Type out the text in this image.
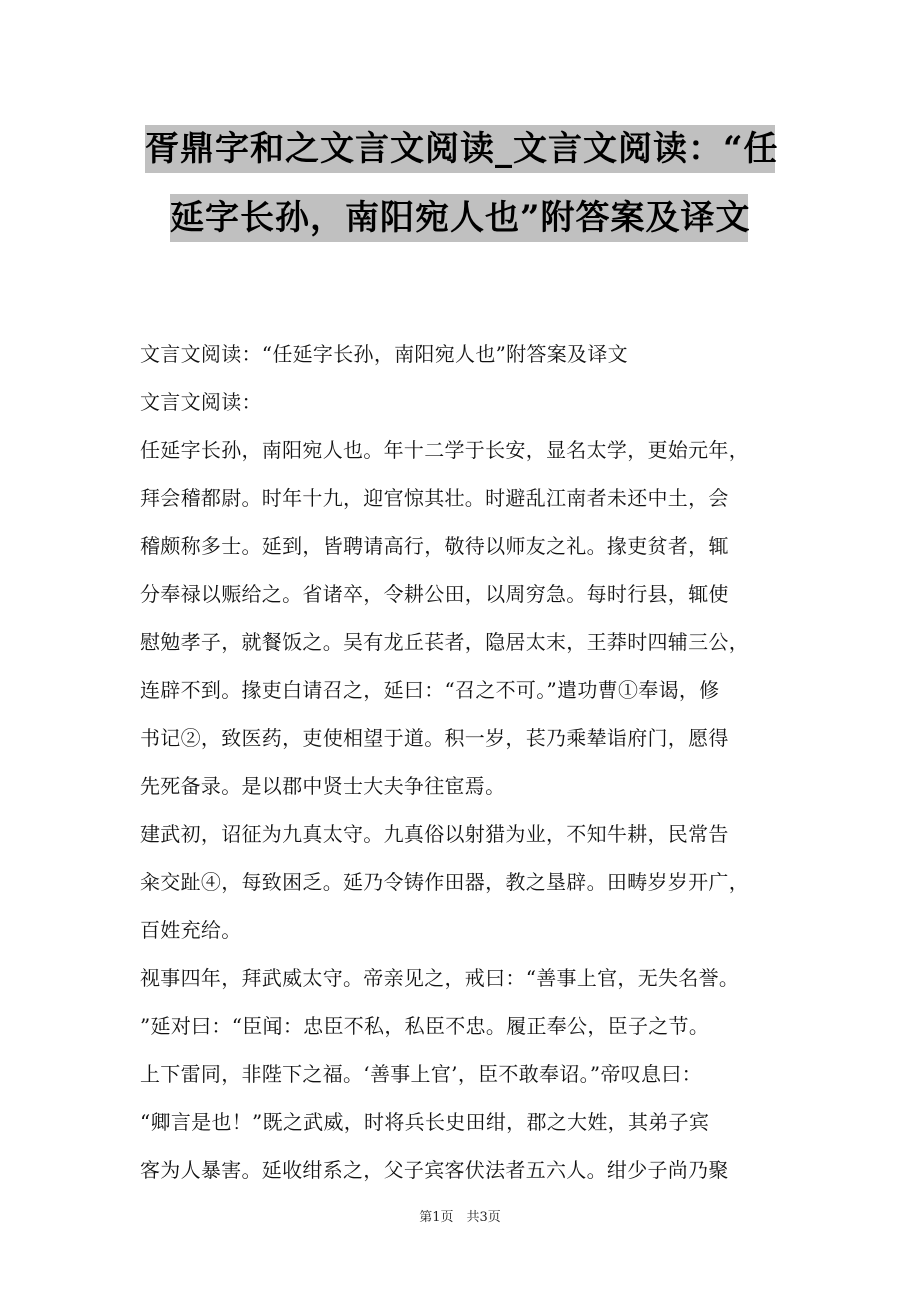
胥鼎字和之文言文阅读_文言文阅读：“任
延字长孙，南阳宛人也”附答案及译文
文言文阅读：“任延字长孙，南阳宛人也”附答案及译文
文言文阅读：
任延字长孙，南阳宛人也。年十二学于长安，显名太学，更始元年，
拜会稽都尉。时年十九，迎官惊其壮。时避乱江南者未还中土，会
稽颇称多士。延到，皆聘请高行，敬待以师友之礼。掾吏贫者，辄
分奉禄以赈给之。省诸卒，令耕公田，以周穷急。每时行县，辄使
慰勉孝子，就餐饭之。吴有龙丘苌者，隐居太末，王莽时四辅三公，
连辟不到。掾吏白请召之，延曰：“召之不可。”遣功曹①奉谒，修
书记②，致医药，吏使相望于道。积一岁，苌乃乘辇诣府门，愿得
先死备录。是以郡中贤士大夫争往宦焉。
建武初，诏征为九真太守。九真俗以射猎为业，不知牛耕，民常告
籴交趾④，每致困乏。延乃令铸作田器，教之垦辟。田畴岁岁开广，
百姓充给。
视事四年，拜武威太守。帝亲见之，戒曰：“善事上官，无失名誉。
”延对曰：“臣闻：忠臣不私，私臣不忠。履正奉公，臣子之节。
上下雷同，非陛下之福。‘善事上官’，臣不敢奉诏。”帝叹息曰：
“卿言是也！”既之武威，时将兵长史田绀，郡之大姓，其弟子宾
客为人暴害。延收绀系之，父子宾客伏法者五六人。绀少子尚乃聚
第1页　共3页
